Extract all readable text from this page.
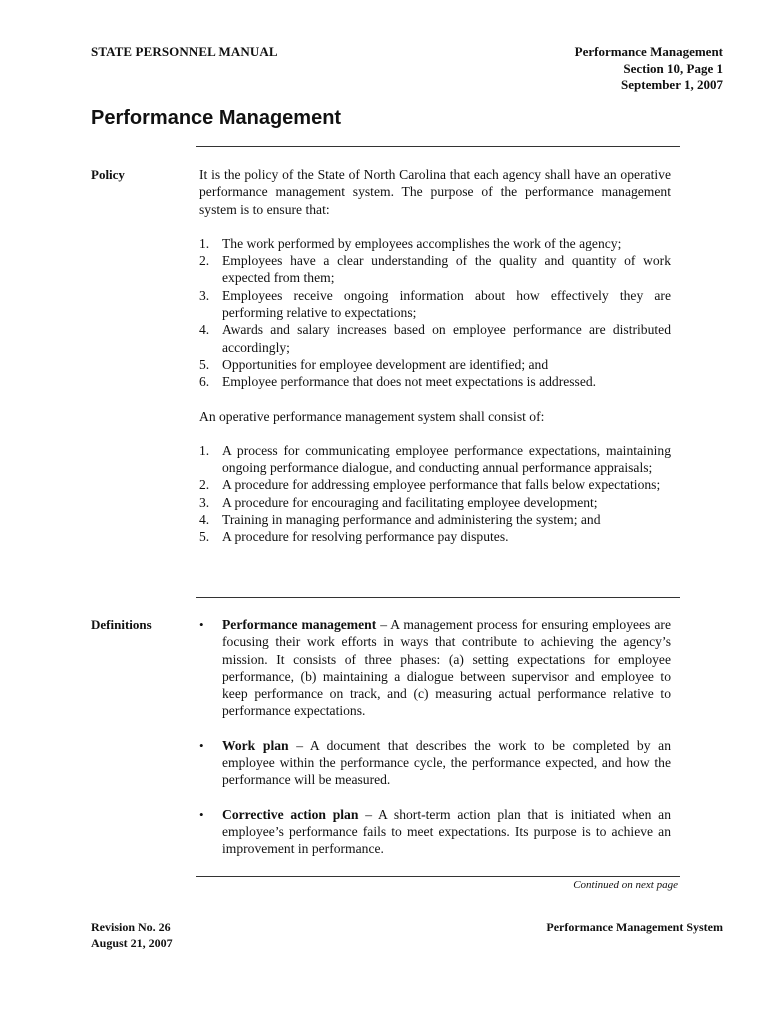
STATE PERSONNEL MANUAL	Performance Management
Section 10, Page 1
September 1, 2007
Performance Management
Policy	It is the policy of the State of North Carolina that each agency shall have an operative performance management system. The purpose of the performance management system is to ensure that:

1. The work performed by employees accomplishes the work of the agency;
2. Employees have a clear understanding of the quality and quantity of work expected from them;
3. Employees receive ongoing information about how effectively they are performing relative to expectations;
4. Awards and salary increases based on employee performance are distributed accordingly;
5. Opportunities for employee development are identified; and
6. Employee performance that does not meet expectations is addressed.

An operative performance management system shall consist of:

1. A process for communicating employee performance expectations, maintaining ongoing performance dialogue, and conducting annual performance appraisals;
2. A procedure for addressing employee performance that falls below expectations;
3. A procedure for encouraging and facilitating employee development;
4. Training in managing performance and administering the system; and
5. A procedure for resolving performance pay disputes.
Definitions	• Performance management – A management process for ensuring employees are focusing their work efforts in ways that contribute to achieving the agency’s mission. It consists of three phases: (a) setting expectations for employee performance, (b) maintaining a dialogue between supervisor and employee to keep performance on track, and (c) measuring actual performance relative to performance expectations.
• Work plan – A document that describes the work to be completed by an employee within the performance cycle, the performance expected, and how the performance will be measured.
• Corrective action plan – A short-term action plan that is initiated when an employee’s performance fails to meet expectations. Its purpose is to achieve an improvement in performance.
Continued on next page
Revision No. 26
August 21, 2007
Performance Management System
